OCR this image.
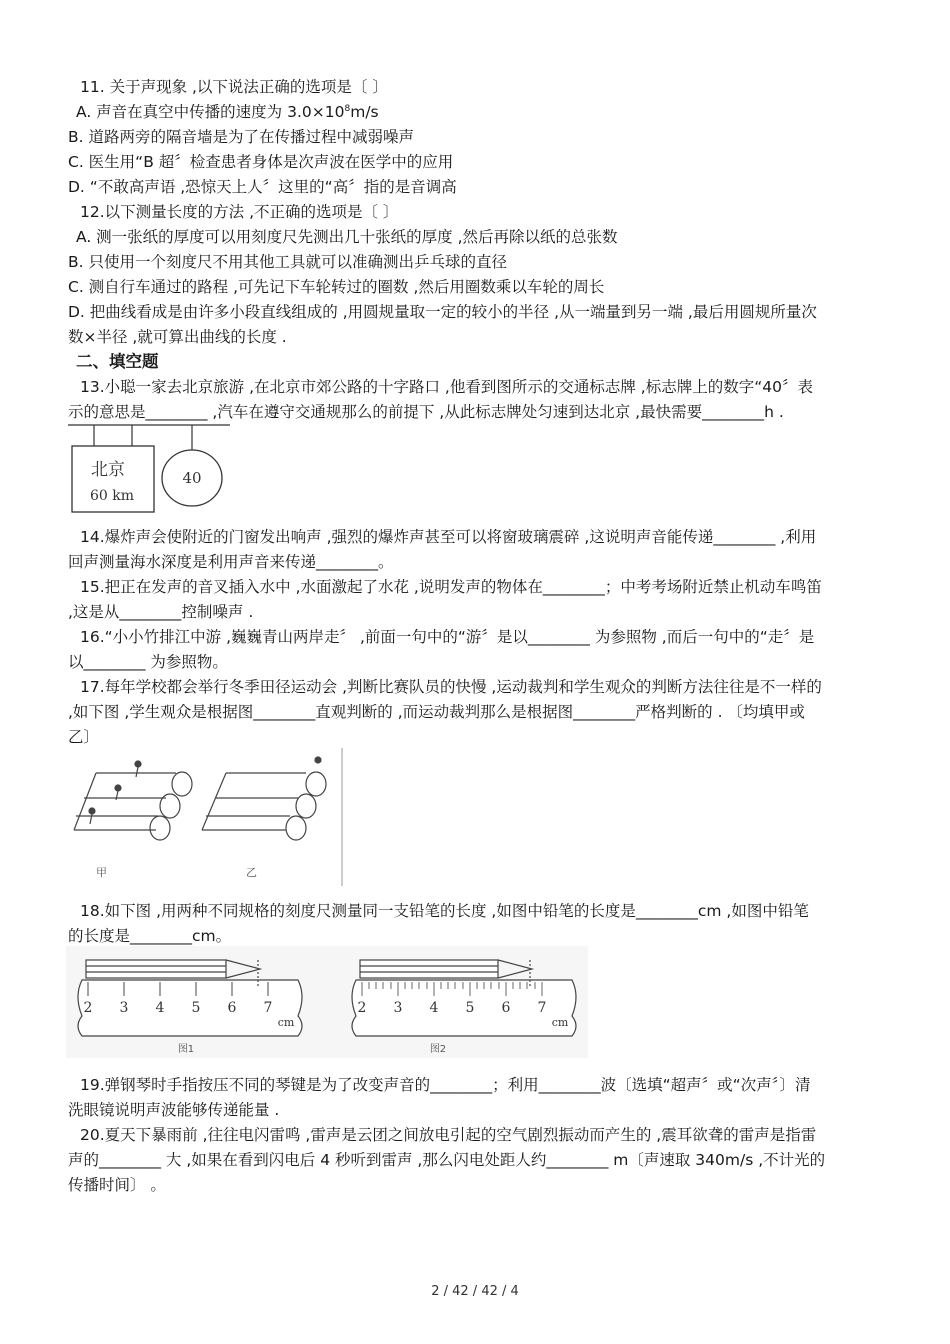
11. 关于声现象 ,以下说法正确的选项是〔 〕
A. 声音在真空中传播的速度为 $3.0\times 10^8m/s$
B. 道路两旁的隔音墙是为了在传播过程中减弱噪声
C. 医生用“B 超〞检查患者身体是次声波在医学中的应用
D. “不敢高声语 ,恐惊天上人〞这里的“高〞指的是音调高
12.以下测量长度的方法 ,不正确的选项是〔 〕
A. 测一张纸的厚度可以用刻度尺先测出几十张纸的厚度 ,然后再除以纸的总张数
B. 只使用一个刻度尺不用其他工具就可以准确测出乒乓球的直径
C. 测自行车通过的路程 ,可先记下车轮转过的圈数 ,然后用圈数乘以车轮的周长
D. 把曲线看成是由许多小段直线组成的 ,用圆规量取一定的较小的半径 ,从一端量到另一端 ,最后用圆规所量次
数×半径 ,就可算出曲线的长度 .
二、填空题
13.小聪一家去北京旅游 ,在北京市郊公路的十字路口 ,他看到图所示的交通标志牌 ,标志牌上的数字“40〞表
示的意思是________ ,汽车在遵守交通规那么的前提下 ,从此标志牌处匀速到达北京 ,最快需要________h .
北京
60 km
40
14.爆炸声会使附近的门窗发出响声 ,强烈的爆炸声甚至可以将窗玻璃震碎 ,这说明声音能传递________ ,利用
回声测量海水深度是利用声音来传递________。
15.把正在发声的音叉插入水中 ,水面激起了水花 ,说明发声的物体在________；中考考场附近禁止机动车鸣笛
,这是从________控制噪声 .
16.“小小竹排江中游 ,巍巍青山两岸走〞 ,前面一句中的“游〞是以________ 为参照物 ,而后一句中的“走〞是
以________ 为参照物。
17.每年学校都会举行冬季田径运动会 ,判断比赛队员的快慢 ,运动裁判和学生观众的判断方法往往是不一样的
,如下图 ,学生观众是根据图________直观判断的 ,而运动裁判那么是根据图________严格判断的 . 〔均填甲或
乙〕
甲	乙
18.如下图 ,用两种不同规格的刻度尺测量同一支铅笔的长度 ,如图中铅笔的长度是________cm ,如图中铅笔
的长度是________cm。
2 3 4 5 6 7
cm
图1
2 3 4 5 6 7
cm
图2
19.弹钢琴时手指按压不同的琴键是为了改变声音的________；利用________波〔选填“超声〞或“次声〞〕清
洗眼镜说明声波能够传递能量 .
20.夏天下暴雨前 ,往往电闪雷鸣 ,雷声是云团之间放电引起的空气剧烈振动而产生的 ,震耳欲聋的雷声是指雷
声的________ 大 ,如果在看到闪电后 4 秒听到雷声 ,那么闪电处距人约________ m〔声速取 340m/s ,不计光的
传播时间〕 。
2 / 42 / 42 / 4
